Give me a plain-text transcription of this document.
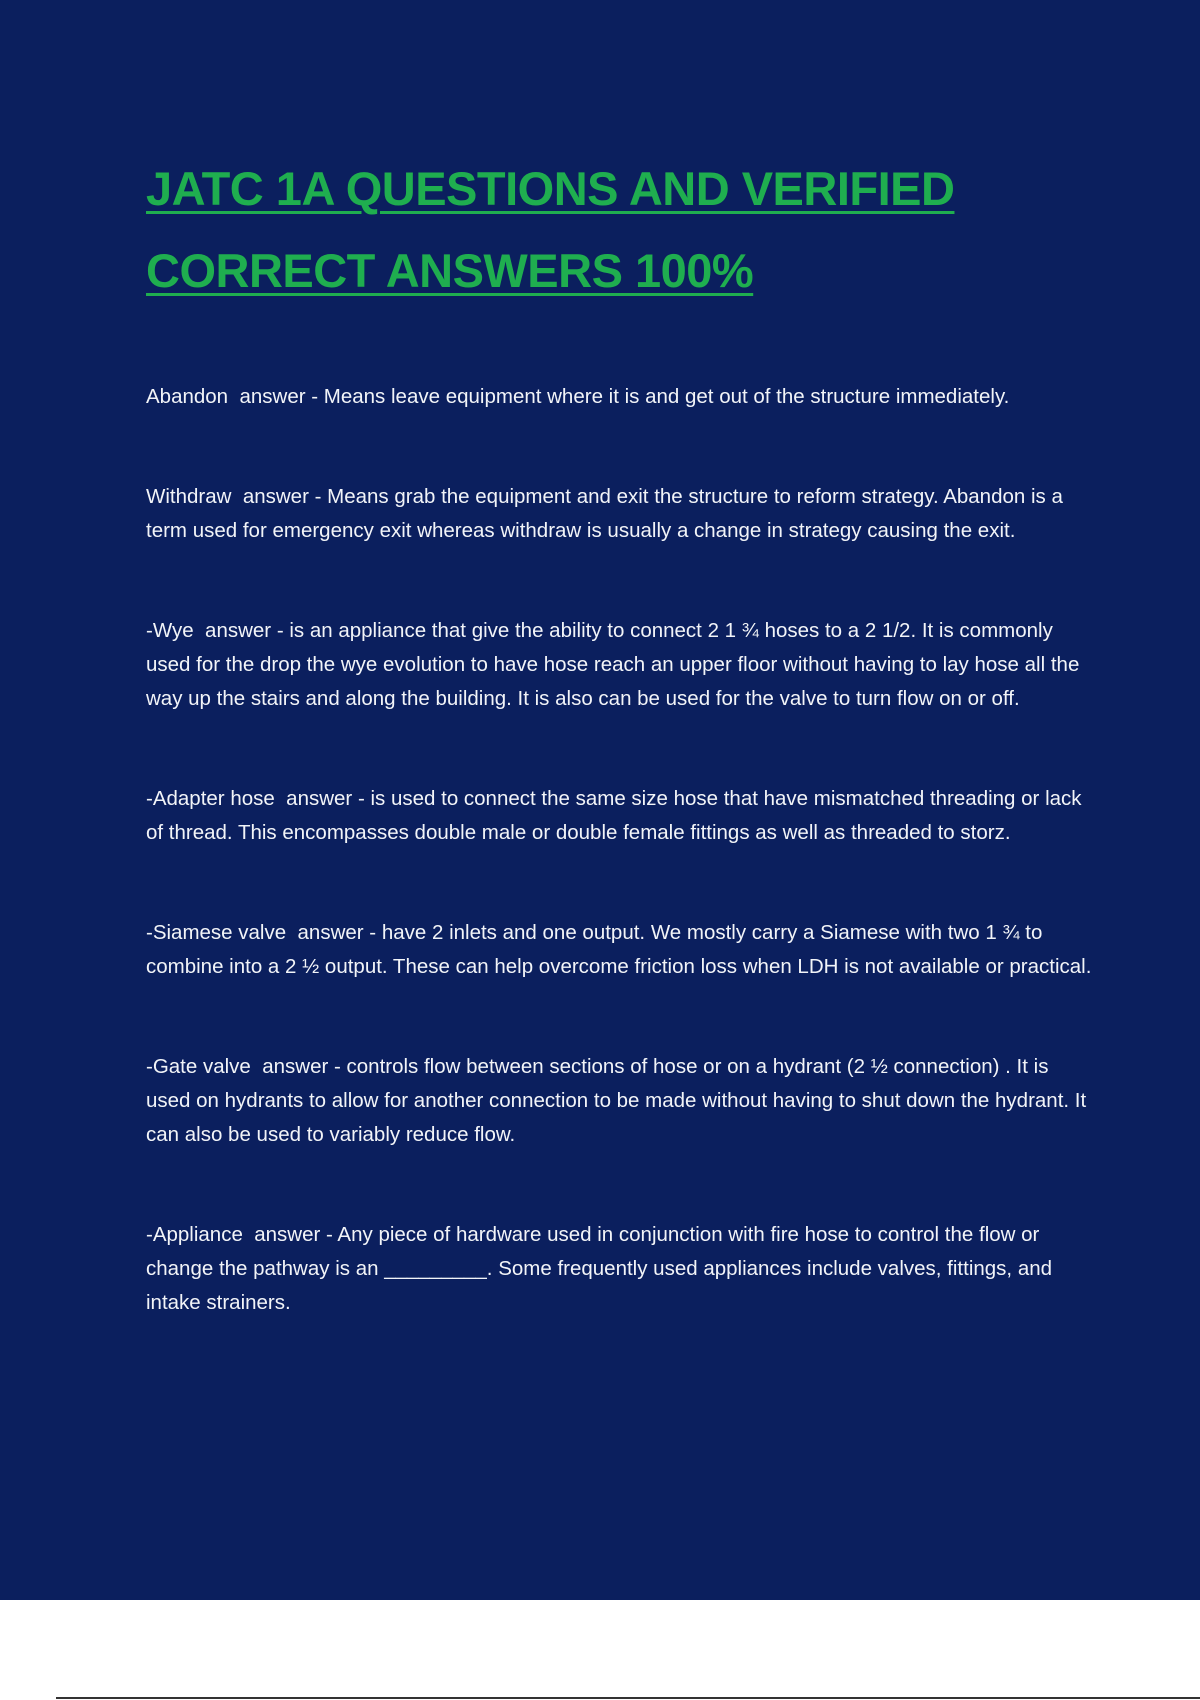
JATC 1A QUESTIONS AND VERIFIED CORRECT ANSWERS 100%

Abandon  answer - Means leave equipment where it is and get out of the structure immediately.

Withdraw  answer - Means grab the equipment and exit the structure to reform strategy. Abandon is a term used for emergency exit whereas withdraw is usually a change in strategy causing the exit.

-Wye  answer - is an appliance that give the ability to connect 2 1 ¾ hoses to a 2 1/2. It is commonly used for the drop the wye evolution to have hose reach an upper floor without having to lay hose all the way up the stairs and along the building. It is also can be used for the valve to turn flow on or off.

-Adapter hose  answer - is used to connect the same size hose that have mismatched threading or lack of thread. This encompasses double male or double female fittings as well as threaded to storz.

-Siamese valve  answer - have 2 inlets and one output. We mostly carry a Siamese with two 1 ¾ to combine into a 2 ½ output. These can help overcome friction loss when LDH is not available or practical.

-Gate valve  answer - controls flow between sections of hose or on a hydrant (2 ½ connection) . It is used on hydrants to allow for another connection to be made without having to shut down the hydrant. It can also be used to variably reduce flow.

-Appliance  answer - Any piece of hardware used in conjunction with fire hose to control the flow or change the pathway is an _________. Some frequently used appliances include valves, fittings, and intake strainers.
